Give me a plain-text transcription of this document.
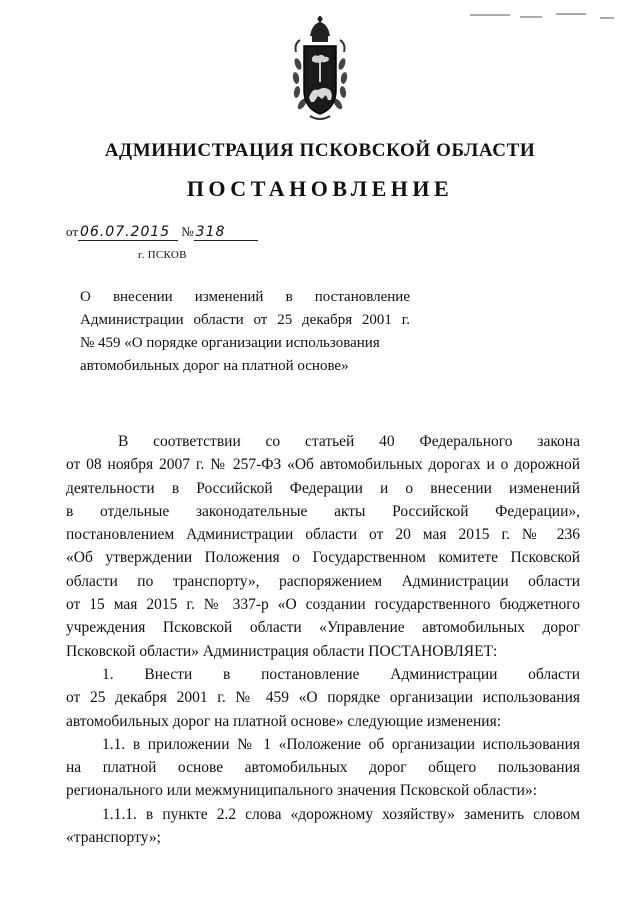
АДМИНИСТРАЦИЯ ПСКОВСКОЙ ОБЛАСТИ
ПОСТАНОВЛЕНИЕ
от 06.07.2015 № 318
г. ПСКОВ
О внесении изменений в постановление
Администрации области от 25 декабря 2001 г.
№ 459 «О порядке организации использования
автомобильных дорог на платной основе»
В соответствии со статьей 40 Федерального закона
от 08 ноября 2007 г. № 257-ФЗ «Об автомобильных дорогах и о дорожной
деятельности в Российской Федерации и о внесении изменений
в отдельные законодательные акты Российской Федерации»,
постановлением Администрации области от 20 мая 2015 г. № 236
«Об утверждении Положения о Государственном комитете Псковской
области по транспорту», распоряжением Администрации области
от 15 мая 2015 г. № 337-р «О создании государственного бюджетного
учреждения Псковской области «Управление автомобильных дорог
Псковской области» Администрация области ПОСТАНОВЛЯЕТ:
1. Внести в постановление Администрации области
от 25 декабря 2001 г. № 459 «О порядке организации использования
автомобильных дорог на платной основе» следующие изменения:
1.1. в приложении № 1 «Положение об организации использования
на платной основе автомобильных дорог общего пользования
регионального или межмуниципального значения Псковской области»:
1.1.1. в пункте 2.2 слова «дорожному хозяйству» заменить словом
«транспорту»;
